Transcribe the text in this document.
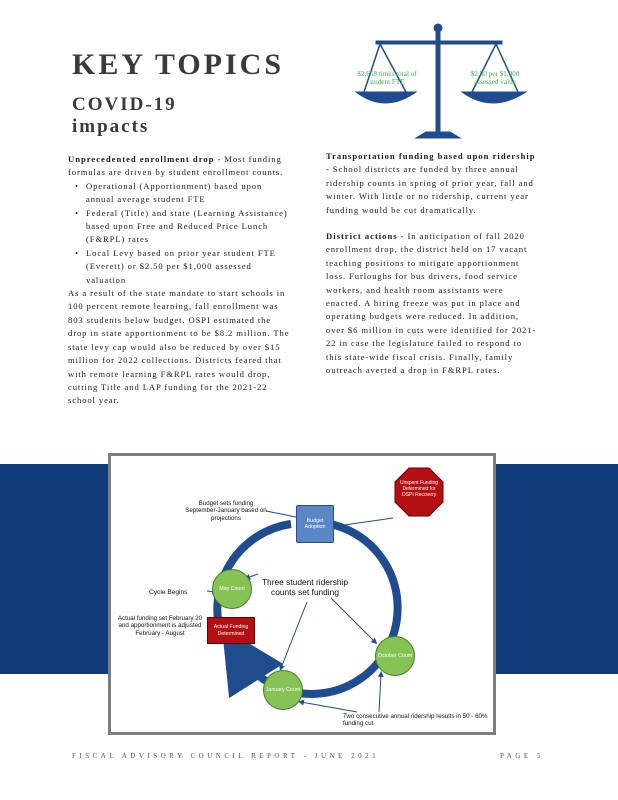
KEY TOPICS
COVID-19
impacts
$2,658 times total of student FTE
$2.50 per $1,000 assessed value

Unprecedented enrollment drop - Most funding formulas are driven by student enrollment counts.

• Operational (Apportionment) based upon annual average student FTE
• Federal (Title) and state (Learning Assistance) based upon Free and Reduced Price Lunch (F&RPL) rates
• Local Levy based on prior year student FTE (Everett) or $2.50 per $1,000 assessed valuation

As a result of the state mandate to start schools in 100 percent remote learning, fall enrollment was 803 students below budget. OSPI estimated the drop in state apportionment to be $8.2 million. The state levy cap would also be reduced by over $15 million for 2022 collections. Districts feared that with remote learning F&RPL rates would drop, cutting Title and LAP funding for the 2021-22 school year.

Transportation funding based upon ridership - School districts are funded by three annual ridership counts in spring of prior year, fall and winter. With little or no ridership, current year funding would be cut dramatically.

District actions - In anticipation of fall 2020 enrollment drop, the district held on 17 vacant teaching positions to mitigate apportionment loss. Furloughs for bus drivers, food service workers, and health room assistants were enacted. A hiring freeze was put in place and operating budgets were reduced. In addition, over $6 million in cuts were identified for 2021-22 in case the legislature failed to respond to this state-wide fiscal crisis. Finally, family outreach averted a drop in F&RPL rates.

Budget sets funding September-January based on projections	Budget Adoption
Unspent Funding Determined for OSPI Recovery
Three student ridership counts set funding
Cycle Begins
May Count
Actual Funding Determined
Actual funding set February 20 and apportionment is adjusted February - August
October Count
January Count
Two consecutive annual ridership results in 50 - 60% funding cut
FISCAL ADVISORY COUNCIL REPORT - JUNE 2021	PAGE 5
